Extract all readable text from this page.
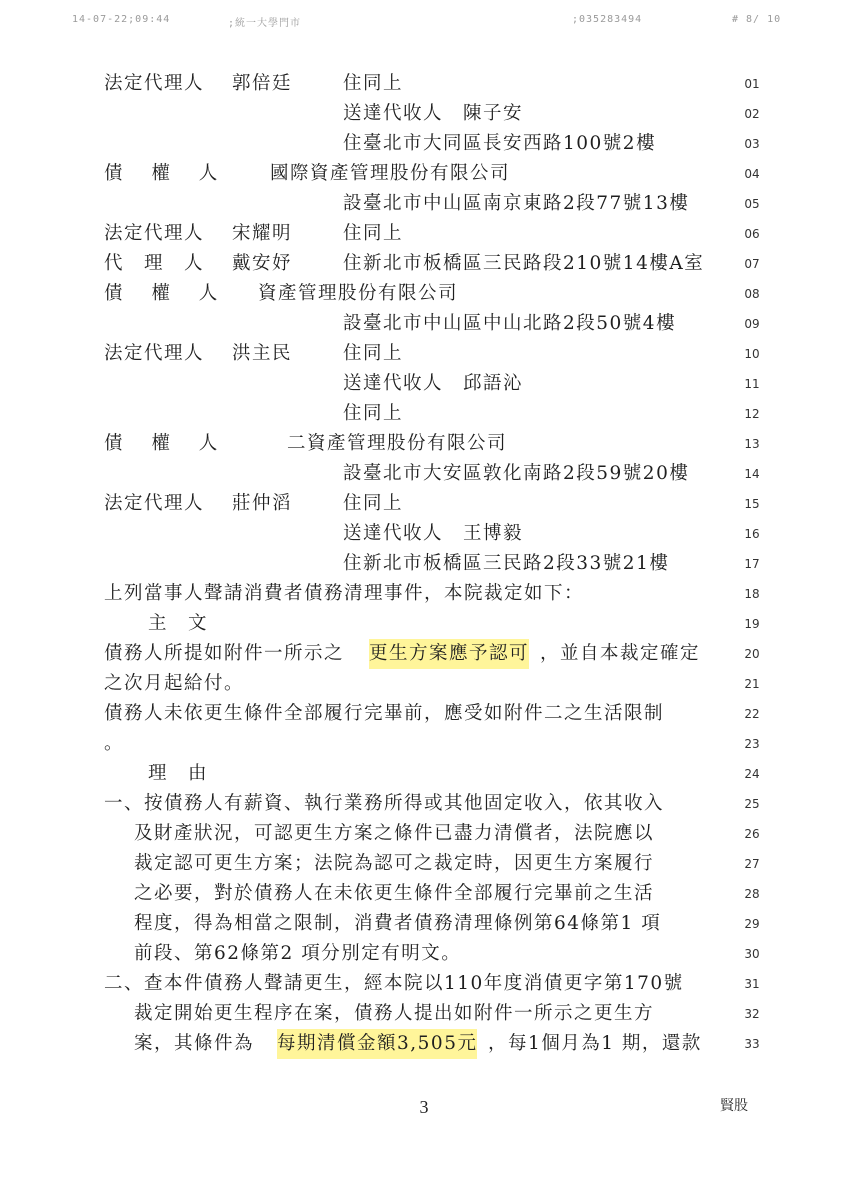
14-07-22;09:44	;統一大學門市	;035283494	# 8/ 10
法定代理人 郭倍廷	住同上	01
送達代收人　陳子安	02
住臺北市大同區長安西路100號2樓	03
債　 權　 人	國際資產管理股份有限公司	04
設臺北市中山區南京東路2段77號13樓	05
法定代理人 宋耀明	住同上	06
代　理　人 戴安妤	住新北市板橋區三民路段210號14樓A室	07
債　 權　 人 資產管理股份有限公司	08
設臺北市中山區中山北路2段50號4樓	09
法定代理人 洪主民	住同上	10
送達代收人　邱語沁	11
住同上	12
債　 權　 人	二資產管理股份有限公司	13
設臺北市大安區敦化南路2段59號20樓	14
法定代理人 莊仲滔	住同上	15
送達代收人　王博毅	16
住新北市板橋區三民路2段33號21樓	17
上列當事人聲請消費者債務清理事件，本院裁定如下：	18
主　文	19
債務人所提如附件一所示之 更生方案應予認可 ，並自本裁定確定	20
之次月起給付。	21
債務人未依更生條件全部履行完畢前，應受如附件二之生活限制	22
。	23
理　由	24
一、按債務人有薪資、執行業務所得或其他固定收入，依其收入	25
及財產狀況，可認更生方案之條件已盡力清償者，法院應以	26
裁定認可更生方案；法院為認可之裁定時，因更生方案履行	27
之必要，對於債務人在未依更生條件全部履行完畢前之生活	28
程度，得為相當之限制，消費者債務清理條例第64條第1 項	29
前段、第62條第2 項分別定有明文。	30
二、查本件債務人聲請更生，經本院以110年度消債更字第170號	31
裁定開始更生程序在案，債務人提出如附件一所示之更生方	32
案，其條件為 每期清償金額3,505元 ，每1個月為1 期，還款	33
3	賢股
